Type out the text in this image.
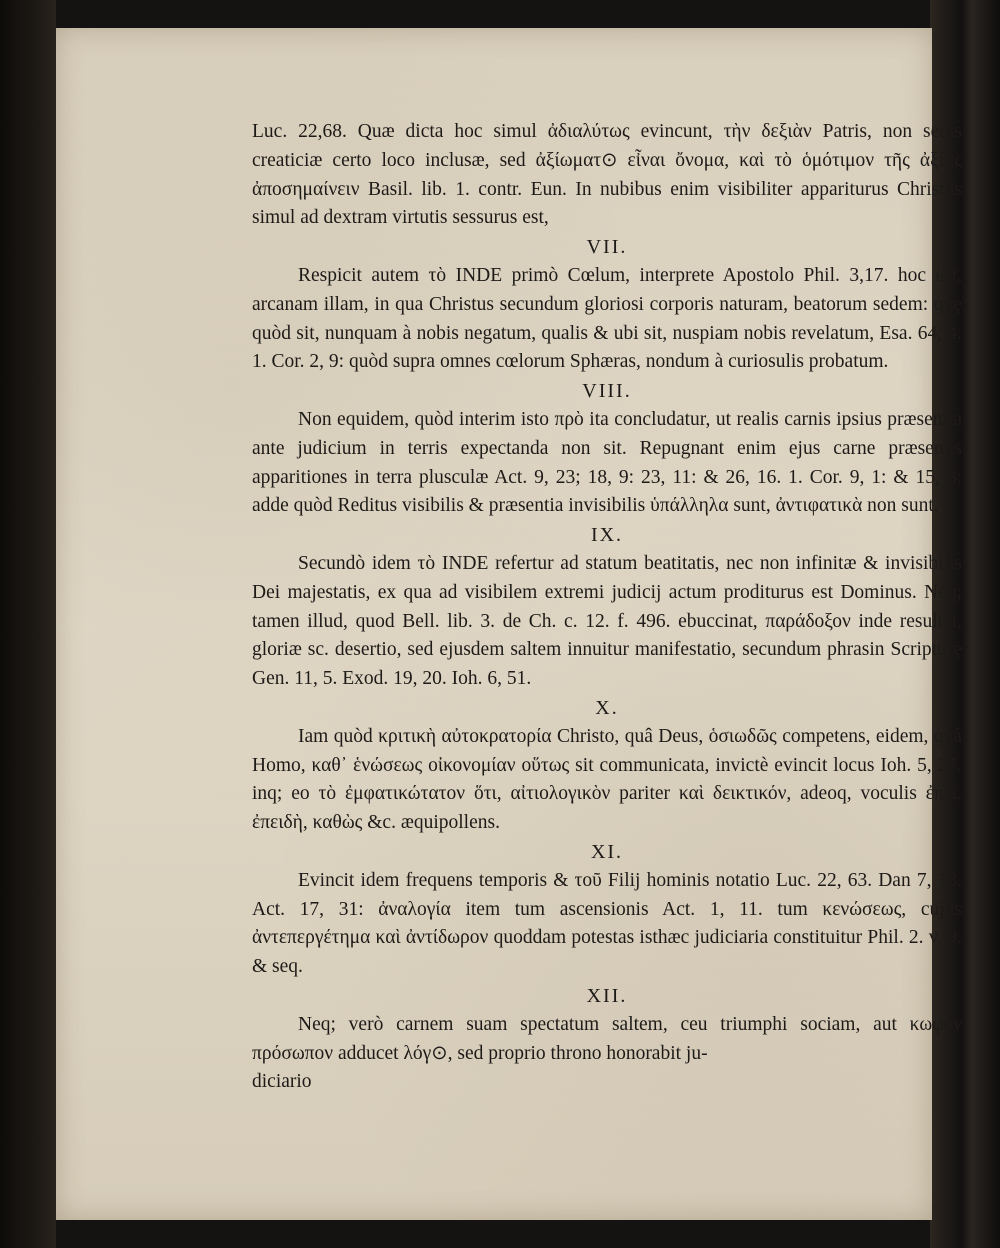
Luc. 22,68. Quæ dicta hoc simul ἀδιαλύτως evincunt, τὴν δεξιὰν Patris, non sedis creaticiæ certo loco inclusæ, sed ἀξίωματ⊙ εἶναι ὄνομα, καὶ τὸ ὁμότιμον τῆς ἀξίας ἀποσημαίνειν Basil. lib. 1. contr. Eun. In nubibus enim visibiliter appariturus Christus simul ad dextram virtutis sessurus est,

VII.

Respicit autem τὸ INDE primò Cœlum, interprete Apostolo Phil. 3,17. hoc est, arcanam illam, in qua Christus secundum gloriosi corporis naturam, beatorum sedem: quę quòd sit, nunquam à nobis negatum, qualis & ubi sit, nuspiam nobis revelatum, Esa. 64, 4. 1. Cor. 2, 9: quòd supra omnes cœlorum Sphæras, nondum à curiosulis probatum.

VIII.

Non equidem, quòd interim isto πρὸ ita concludatur, ut realis carnis ipsius præsentia ante judicium in terris expectanda non sit. Repugnant enim ejus carne præsentis apparitiones in terra plusculæ Act. 9, 23; 18, 9: 23, 11: & 26, 16. 1. Cor. 9, 1: & 15, 8: adde quòd Reditus visibilis & præsentia invisibilis ὑπάλληλα sunt, ἀντιφατικὰ non sunt.

IX.

Secundò idem τὸ INDE refertur ad statum beatitatis, nec non infinitæ & invisibilis Dei majestatis, ex qua ad visibilem extremi judicij actum proditurus est Dominus. Neq; tamen illud, quod Bell. lib. 3. de Ch. c. 12. f. 496. ebuccinat, παράδοξον inde resultat, gloriæ sc. desertio, sed ejusdem saltem innuitur manifestatio, secundum phrasin Scripturę Gen. 11, 5. Exod. 19, 20. Ioh. 6, 51.

X.

Iam quòd κριτικὴ αὐτοκρατορία Christo, quâ Deus, ὁσιωδῶς competens, eidem, quâ Homo, καθ᾽ ἑνώσεως οἰκονομίαν οὕτως sit communicata, invictè evincit locus Ioh. 5, 27. inq; eo τὸ ἐμφατικώτατον ὅτι, αἰτιολογικὸν pariter καὶ δεικτικόν, adeoq, voculis ἐπεὶ, ἐπειδὴ, καθὼς &c. æquipollens.

XI.

Evincit idem frequens temporis & τοῦ Filij hominis notatio Luc. 22, 63. Dan 7, 13. Act. 17, 31: ἀναλογία item tum ascensionis Act. 1, 11. tum κενώσεως, cujus ἀντεπεργέτημα καὶ ἀντίδωρον quoddam potestas isthæc judiciaria constituitur Phil. 2. v. 9. & seq.

XII.

Neq; verò carnem suam spectatum saltem, ceu triumphi sociam, aut κωφὸν πρόσωπον adducet λόγ⊙, sed proprio throno honorabit ju-

diciario
